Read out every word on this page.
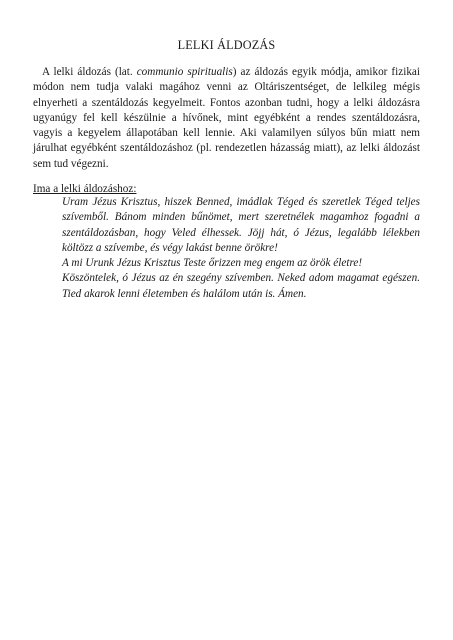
LELKI ÁLDOZÁS
A lelki áldozás (lat. communio spiritualis) az áldozás egyik módja, amikor fizikai módon nem tudja valaki magához venni az Oltáriszentséget, de lelkileg mégis elnyerheti a szentáldozás kegyelmeit. Fontos azonban tudni, hogy a lelki áldozásra ugyanúgy fel kell készülnie a hívőnek, mint egyébként a rendes szentáldozásra, vagyis a kegyelem állapotában kell lennie. Aki valamilyen súlyos bűn miatt nem járulhat egyébként szentáldozáshoz (pl. rendezetlen házasság miatt), az lelki áldozást sem tud végezni.
Ima a lelki áldozáshoz:

Uram Jézus Krisztus, hiszek Benned, imádlak Téged és szeretlek Téged teljes szívemből. Bánom minden bűnömet, mert szeretnélek magamhoz fogadni a szentáldozásban, hogy Veled élhessek. Jöjj hát, ó Jézus, legalább lélekben költözz a szívembe, és végy lakást benne örökre!

A mi Urunk Jézus Krisztus Teste őrizzen meg engem az örök életre!

Köszöntelek, ó Jézus az én szegény szívemben. Neked adom magamat egészen. Tied akarok lenni életemben és halálom után is. Ámen.
